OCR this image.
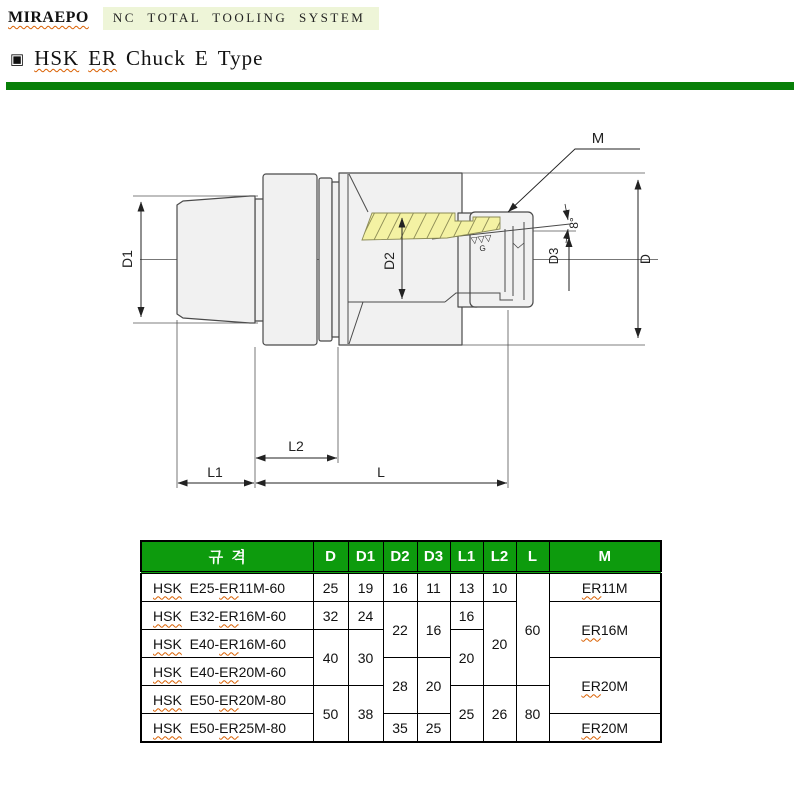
MIRAEPO	NC TOTAL TOOLING SYSTEM
▣ HSK ER Chuck E Type
▽▽▽
G
M
D1	D2	D3	D
8°
L2
L1	L
규  격	D	D1	D2	D3	L1	L2	L	M
HSK  E25-ER11M-60	25	19	16	11	13	10	60	ER11M
HSK  E32-ER16M-60	32	24	22	16	16	20		ER16M
HSK  E40-ER16M-60	40	30			20			
HSK  E40-ER20M-60			28	20				ER20M
HSK  E50-ER20M-80	50	38			25	26	80	
HSK  E50-ER25M-80			35	25				ER20M
